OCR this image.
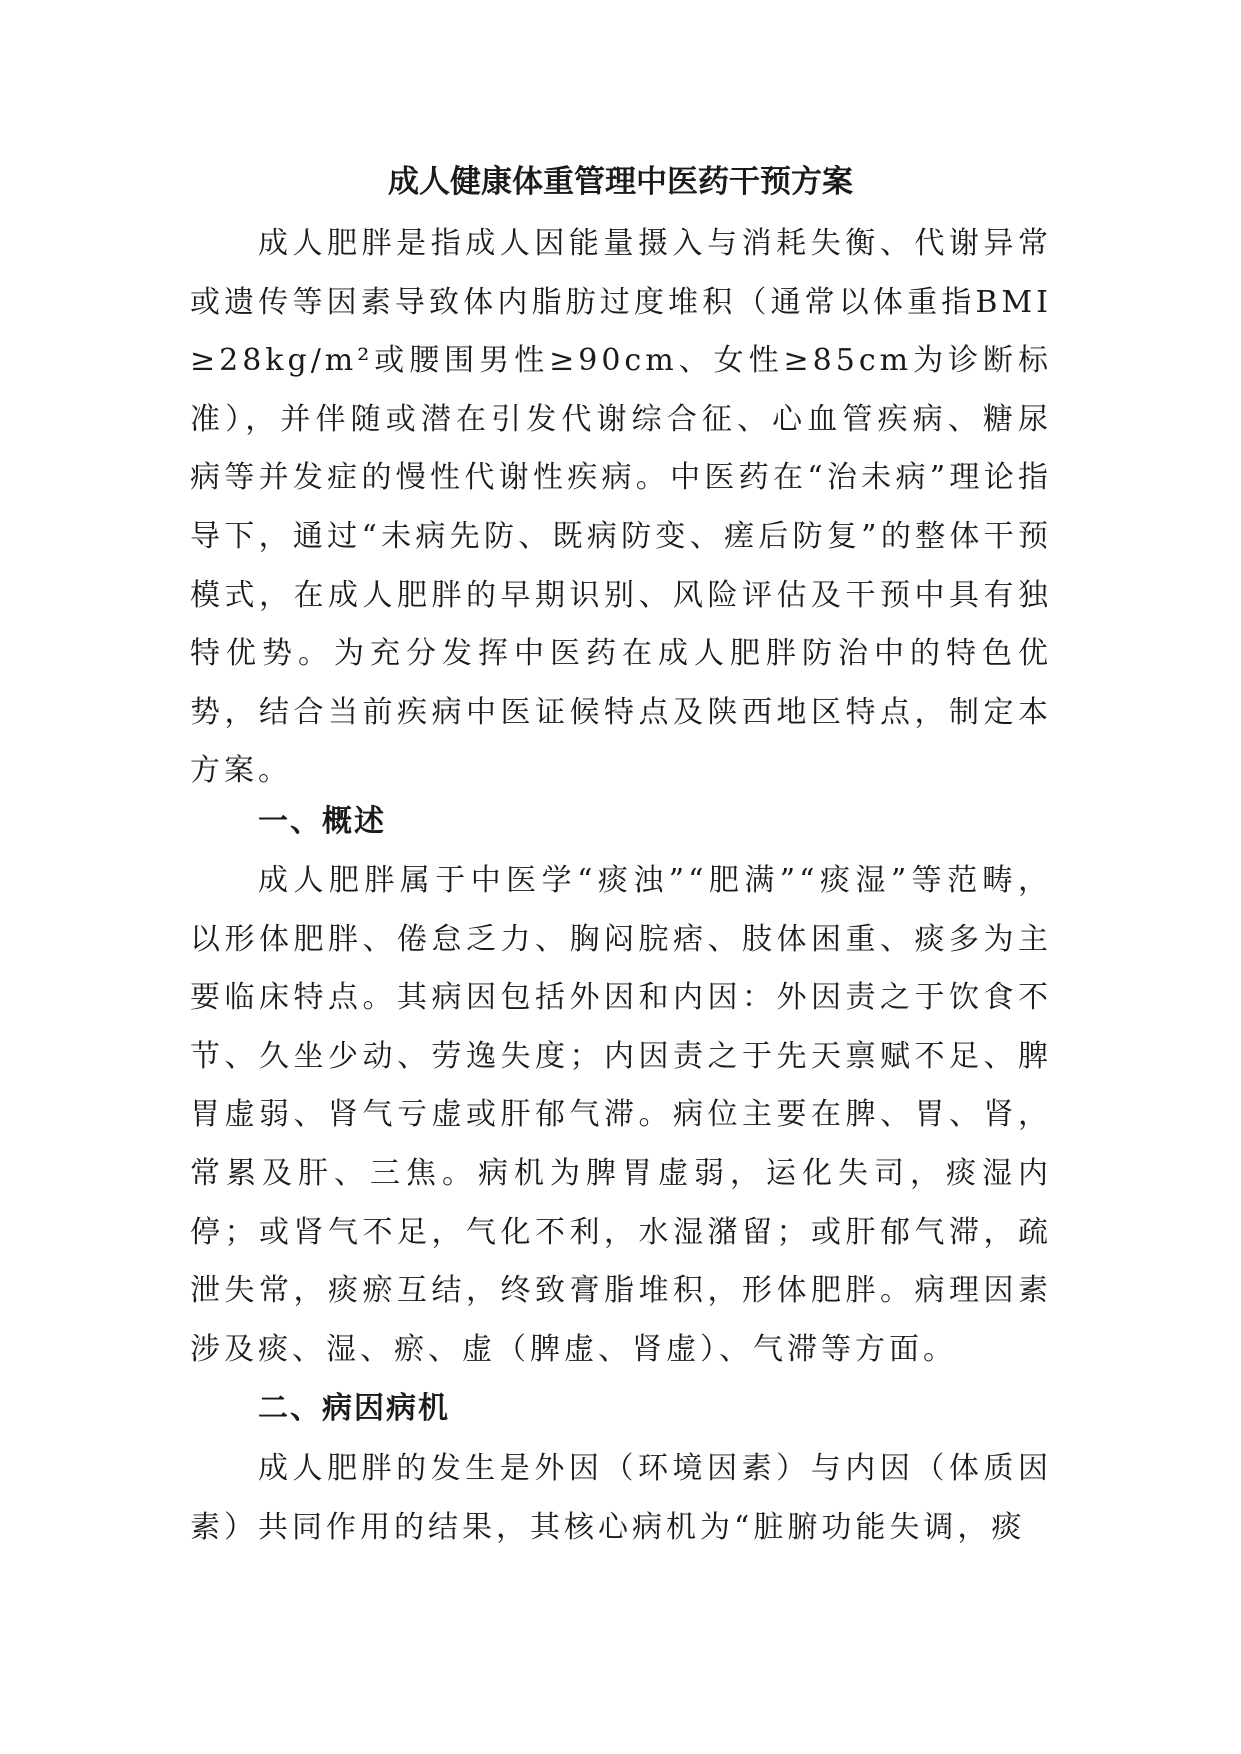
成人健康体重管理中医药干预方案

成人肥胖是指成人因能量摄入与消耗失衡、代谢异常或遗传等因素导致体内脂肪过度堆积（通常以体重指BMI≥28kg/m²或腰围男性≥90cm、女性≥85cm为诊断标准），并伴随或潜在引发代谢综合征、心血管疾病、糖尿病等并发症的慢性代谢性疾病。中医药在“治未病”理论指导下，通过“未病先防、既病防变、瘥后防复”的整体干预模式，在成人肥胖的早期识别、风险评估及干预中具有独特优势。为充分发挥中医药在成人肥胖防治中的特色优势，结合当前疾病中医证候特点及陕西地区特点，制定本方案。

一、概述

成人肥胖属于中医学“痰浊”“肥满”“痰湿”等范畴，以形体肥胖、倦怠乏力、胸闷脘痞、肢体困重、痰多为主要临床特点。其病因包括外因和内因：外因责之于饮食不节、久坐少动、劳逸失度；内因责之于先天禀赋不足、脾胃虚弱、肾气亏虚或肝郁气滞。病位主要在脾、胃、肾，常累及肝、三焦。病机为脾胃虚弱，运化失司，痰湿内停；或肾气不足，气化不利，水湿潴留；或肝郁气滞，疏泄失常，痰瘀互结，终致膏脂堆积，形体肥胖。病理因素涉及痰、湿、瘀、虚（脾虚、肾虚）、气滞等方面。

二、病因病机

成人肥胖的发生是外因（环境因素）与内因（体质因素）共同作用的结果，其核心病机为“脏腑功能失调，痰
